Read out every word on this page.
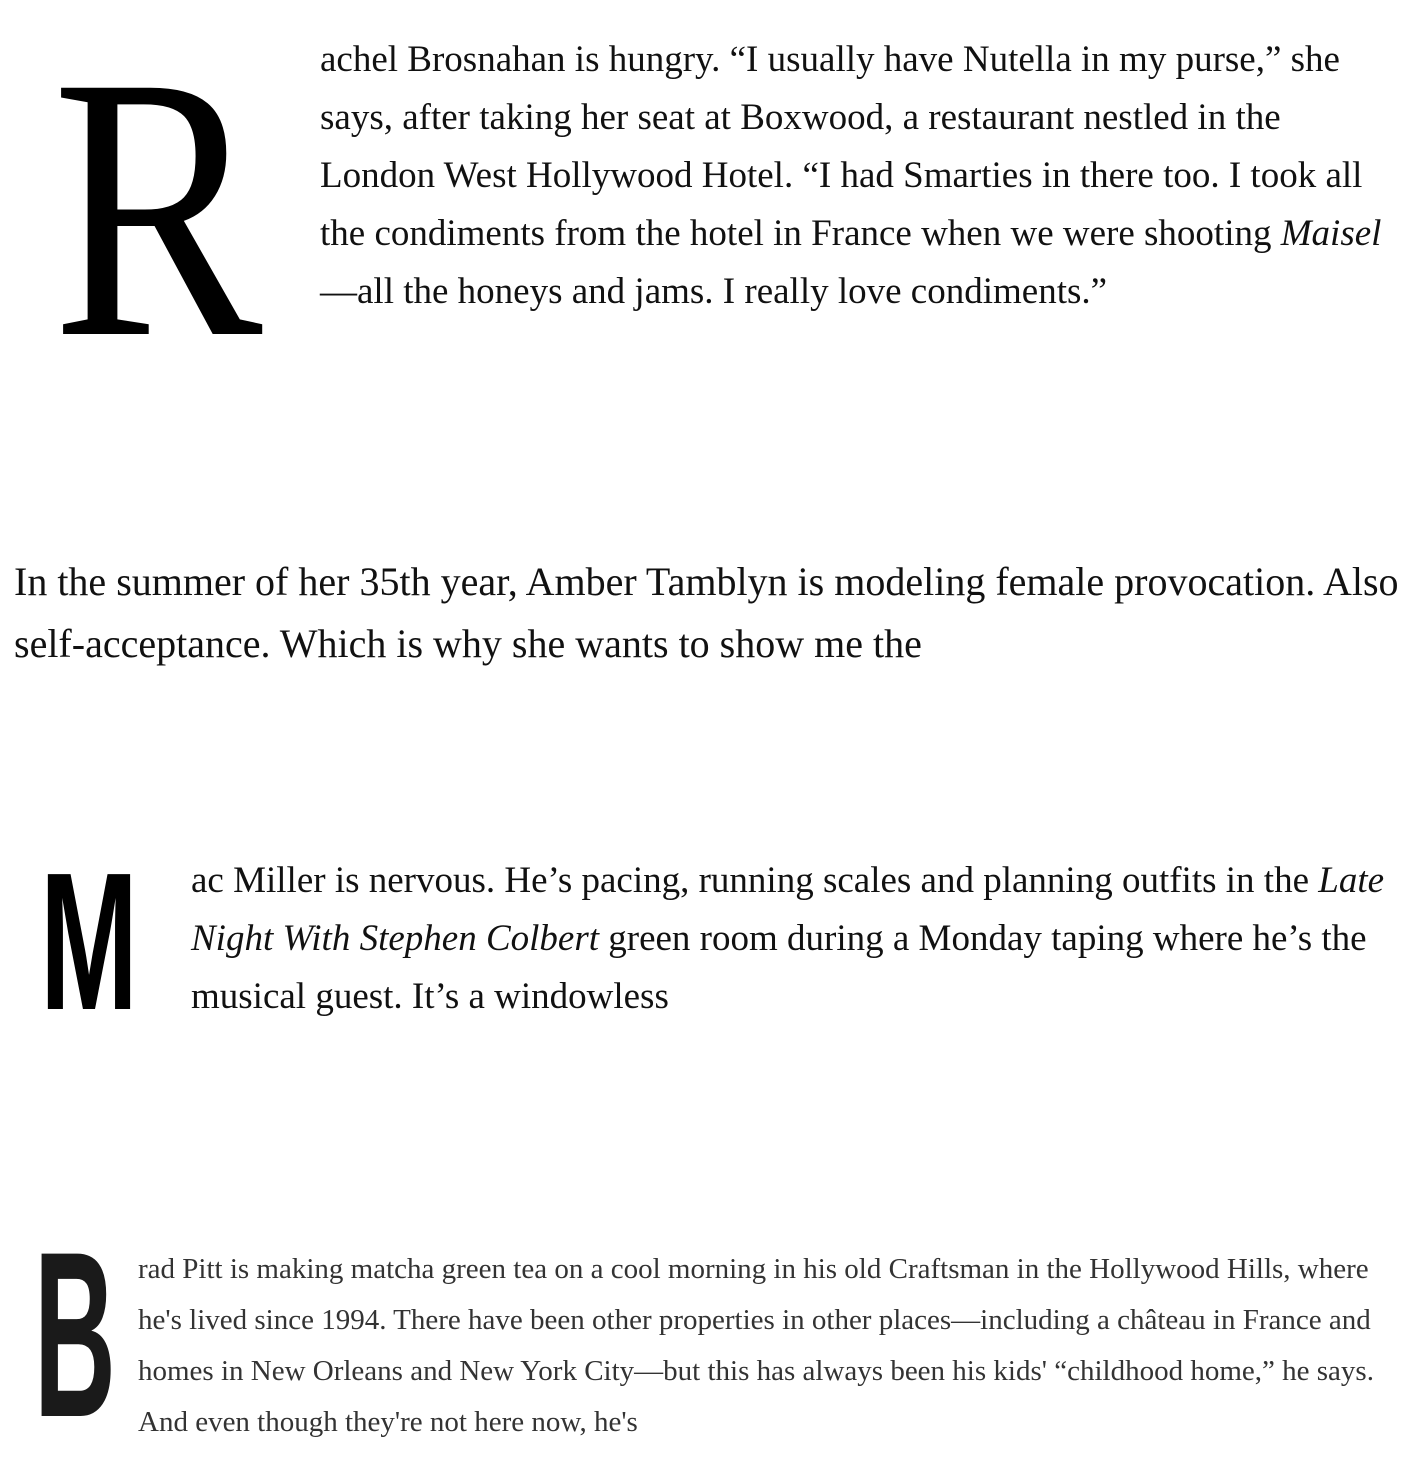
R achel Brosnahan is hungry. “I usually have Nutella in my purse,” she says, after taking her seat at Boxwood, a restaurant nestled in the London West Hollywood Hotel. “I had Smarties in there too. I took all the condiments from the hotel in France when we were shooting Maisel—all the honeys and jams. I really love condiments.”

In the summer of her 35th year, Amber Tamblyn is modeling female provocation. Also self-acceptance. Which is why she wants to show me the

M ac Miller is nervous. He’s pacing, running scales and planning outfits in the Late Night With Stephen Colbert green room during a Monday taping where he’s the musical guest. It’s a windowless

B rad Pitt is making matcha green tea on a cool morning in his old Craftsman in the Hollywood Hills, where he's lived since 1994. There have been other properties in other places—including a château in France and homes in New Orleans and New York City—but this has always been his kids' “childhood home,” he says. And even though they're not here now, he's
